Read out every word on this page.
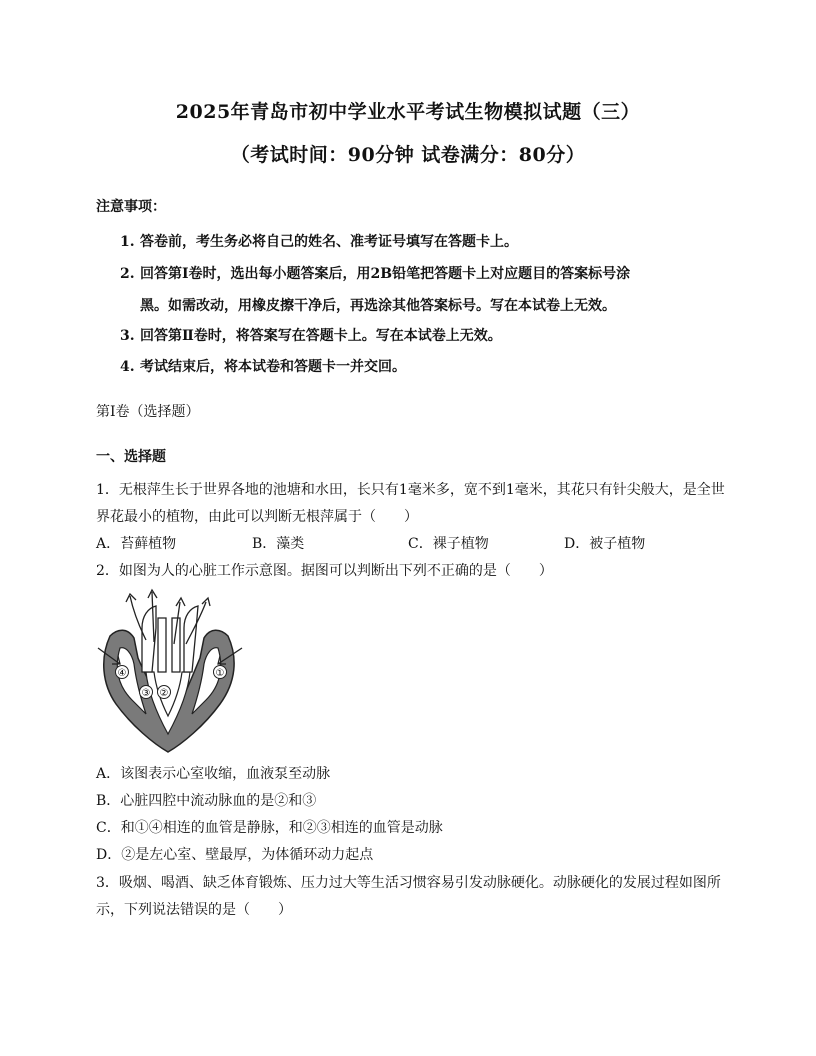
2025年青岛市初中学业水平考试生物模拟试题（三）
（考试时间：90分钟 试卷满分：80分）
注意事项：
1. 答卷前，考生务必将自己的姓名、准考证号填写在答题卡上。
2. 回答第Ⅰ卷时，选出每小题答案后，用2B铅笔把答题卡上对应题目的答案标号涂
黑。如需改动，用橡皮擦干净后，再选涂其他答案标号。写在本试卷上无效。
3. 回答第Ⅱ卷时，将答案写在答题卡上。写在本试卷上无效。
4. 考试结束后，将本试卷和答题卡一并交回。
第Ⅰ卷（选择题）
一、选择题
1．无根萍生长于世界各地的池塘和水田，长只有1毫米多，宽不到1毫米，其花只有针尖般大，是全世
界花最小的植物，由此可以判断无根萍属于（　　）
A．苔藓植物	B．藻类	C．裸子植物	D．被子植物
2．如图为人的心脏工作示意图。据图可以判断出下列不正确的是（　　）
④
③ ②
①
A．该图表示心室收缩，血液泵至动脉
B．心脏四腔中流动脉血的是②和③
C．和①④相连的血管是静脉，和②③相连的血管是动脉
D．②是左心室、壁最厚，为体循环动力起点
3．吸烟、喝酒、缺乏体育锻炼、压力过大等生活习惯容易引发动脉硬化。动脉硬化的发展过程如图所
示，下列说法错误的是（　　）
